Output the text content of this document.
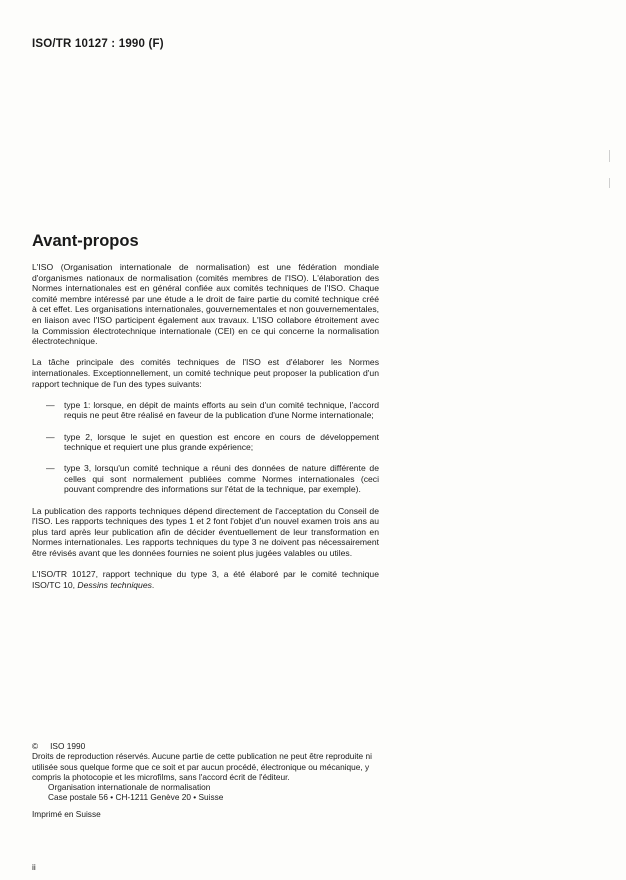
ISO/TR 10127 : 1990 (F)
Avant-propos

L'ISO (Organisation internationale de normalisation) est une fédération mondiale d'organismes nationaux de normalisation (comités membres de l'ISO). L'élaboration des Normes internationales est en général confiée aux comités techniques de l'ISO. Chaque comité membre intéressé par une étude a le droit de faire partie du comité technique créé à cet effet. Les organisations internationales, gouvernementales et non gouvernementales, en liaison avec l'ISO participent également aux travaux. L'ISO collabore étroitement avec la Commission électrotechnique internationale (CEI) en ce qui concerne la normalisation électrotechnique.

La tâche principale des comités techniques de l'ISO est d'élaborer les Normes internationales. Exceptionnellement, un comité technique peut proposer la publication d'un rapport technique de l'un des types suivants:

—	type 1: lorsque, en dépit de maints efforts au sein d'un comité technique, l'accord requis ne peut être réalisé en faveur de la publication d'une Norme internationale;
—	type 2, lorsque le sujet en question est encore en cours de développement technique et requiert une plus grande expérience;
—	type 3, lorsqu'un comité technique a réuni des données de nature différente de celles qui sont normalement publiées comme Normes internationales (ceci pouvant comprendre des informations sur l'état de la technique, par exemple).

La publication des rapports techniques dépend directement de l'acceptation du Conseil de l'ISO. Les rapports techniques des types 1 et 2 font l'objet d'un nouvel examen trois ans au plus tard après leur publication afin de décider éventuellement de leur transformation en Normes internationales. Les rapports techniques du type 3 ne doivent pas nécessairement être révisés avant que les données fournies ne soient plus jugées valables ou utiles.

L'ISO/TR 10127, rapport technique du type 3, a été élaboré par le comité technique ISO/TC 10, Dessins techniques.

© ISO 1990
Droits de reproduction réservés. Aucune partie de cette publication ne peut être reproduite ni utilisée sous quelque forme que ce soit et par aucun procédé, électronique ou mécanique, y compris la photocopie et les microfilms, sans l'accord écrit de l'éditeur.
Organisation internationale de normalisation
Case postale 56 • CH-1211 Genève 20 • Suisse
Imprimé en Suisse
ii
